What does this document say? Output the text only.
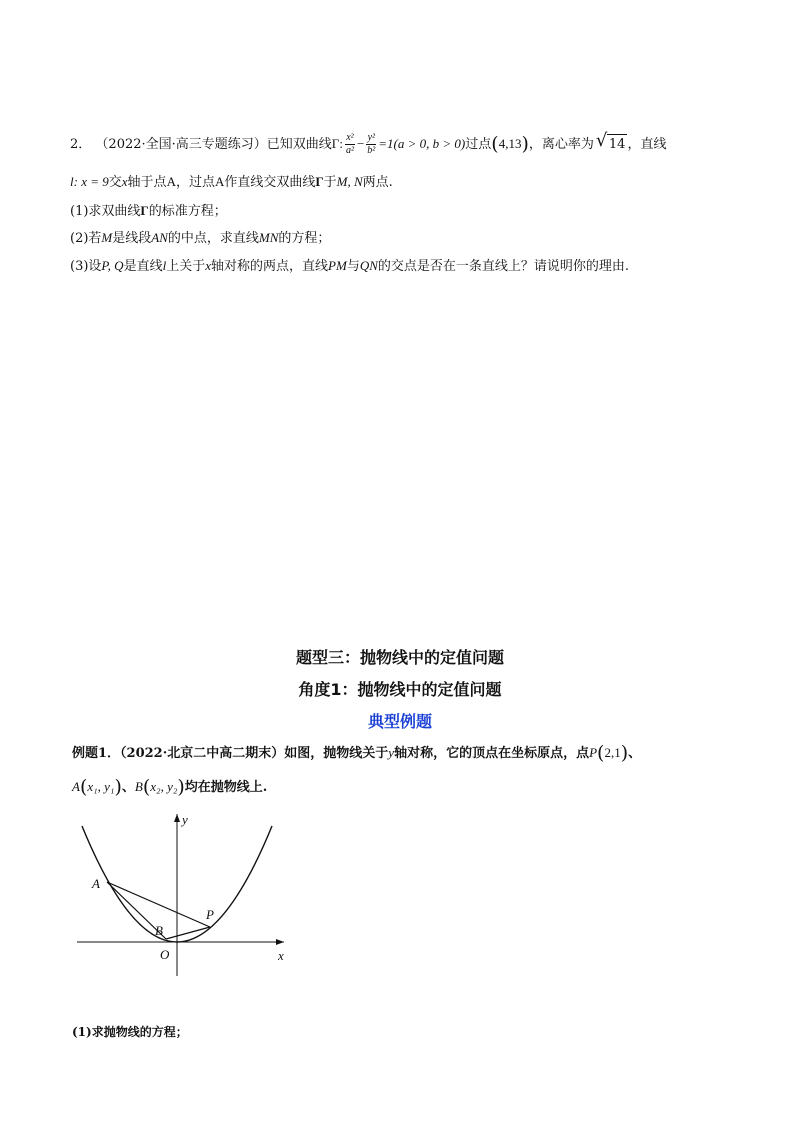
2． （2022·全国·高三专题练习）已知双曲线Γ: $\frac{\text{x²}}{\text{a²}} - \frac{\text{y²}}{\text{b²}} =1(a > 0$, b > 0)过点(4,13)，离心率为 √ 14 ，直线
l: x = 9交x轴于点A，过点A作直线交双曲线Γ于M, N两点.
(1)求双曲线Γ的标准方程；
(2)若M是线段AN的中点，求直线MN的方程；
(3)设P, Q是直线l上关于x轴对称的两点，直线PM与QN的交点是否在一条直线上？请说明你的理由.
题型三：抛物线中的定值问题
角度1：抛物线中的定值问题
典型例题
例题1．（2022·北京二中高二期末）如图，抛物线关于y轴对称，它的顶点在坐标原点，点P(2,1)、
A(x₁, y₁)、B(x₂, y₂)均在抛物线上.
y
x
O
A
B
P
(1)求抛物线的方程；
